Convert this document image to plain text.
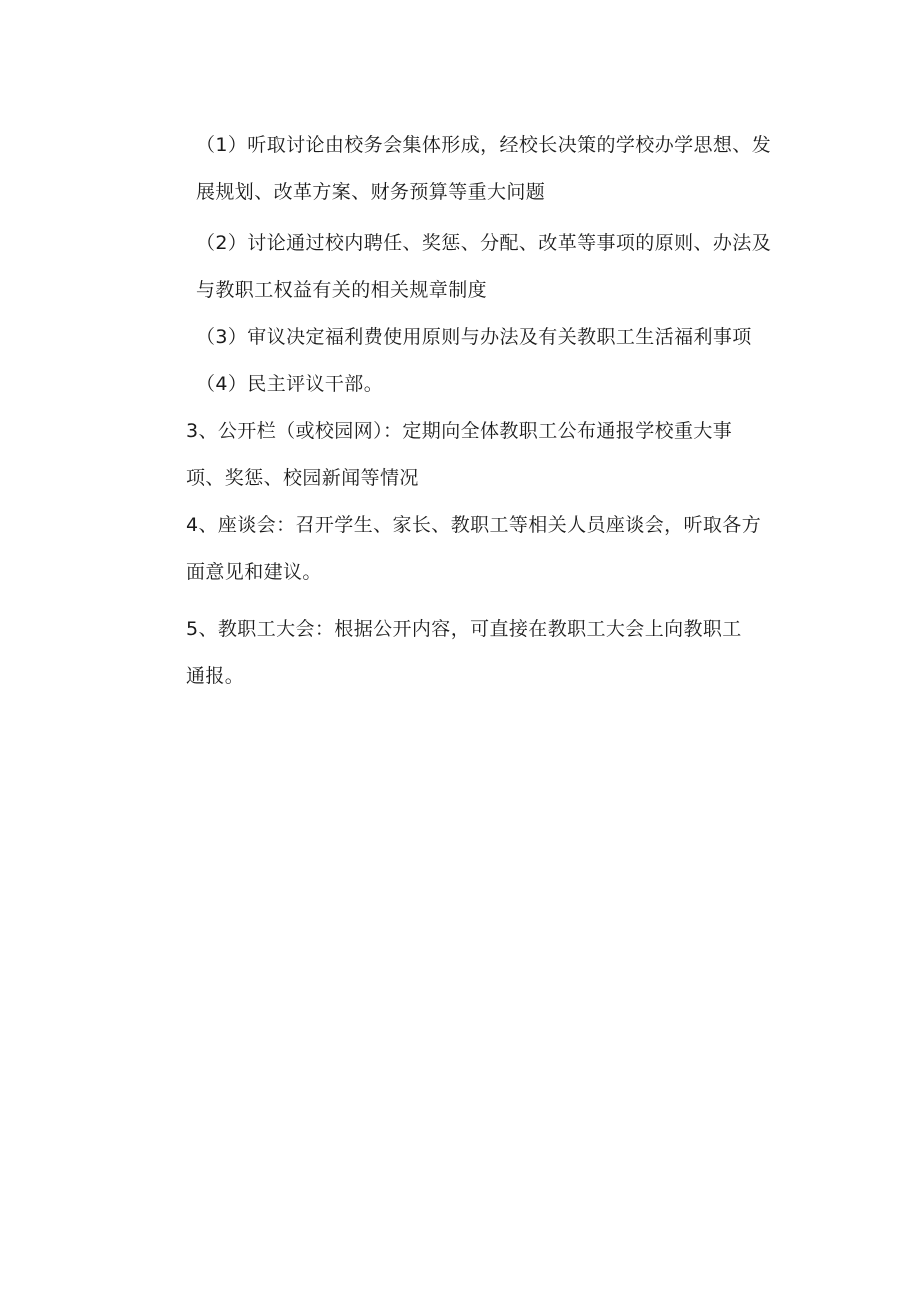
（1）听取讨论由校务会集体形成，经校长决策的学校办学思想、发
展规划、改革方案、财务预算等重大问题

（2）讨论通过校内聘任、奖惩、分配、改革等事项的原则、办法及
与教职工权益有关的相关规章制度

（3）审议决定福利费使用原则与办法及有关教职工生活福利事项

（4）民主评议干部。

3、公开栏（或校园网）：定期向全体教职工公布通报学校重大事
项、奖惩、校园新闻等情况

4、座谈会：召开学生、家长、教职工等相关人员座谈会，听取各方
面意见和建议。

5、教职工大会：根据公开内容，可直接在教职工大会上向教职工
通报。
